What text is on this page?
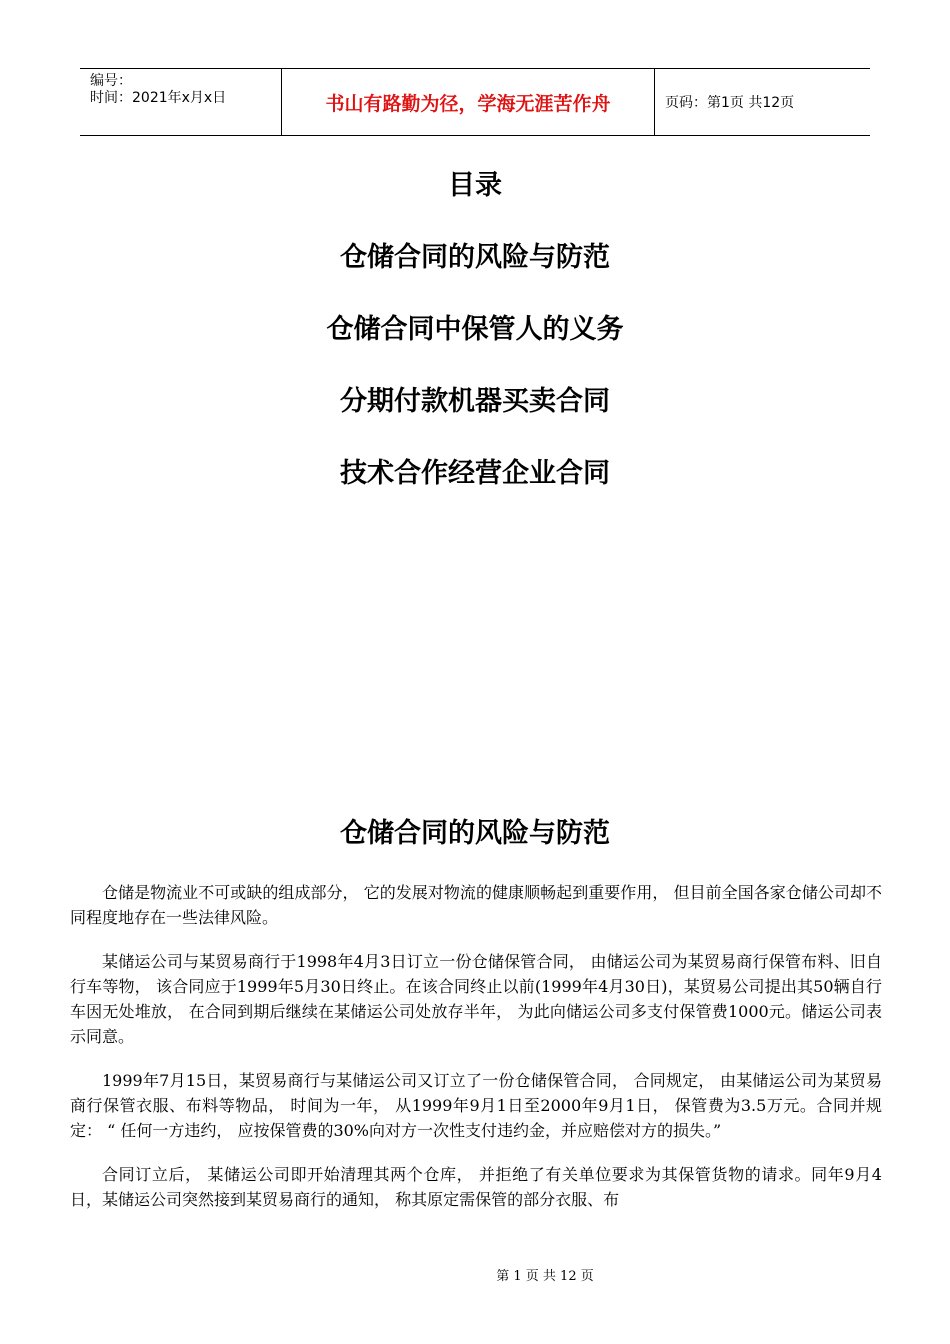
编号：
时间：2021年x月x日	书山有路勤为径，学海无涯苦作舟	页码：第1页 共12页
目录
仓储合同的风险与防范
仓储合同中保管人的义务
分期付款机器买卖合同
技术合作经营企业合同
仓储合同的风险与防范

仓储是物流业不可或缺的组成部分， 它的发展对物流的健康顺畅起到重要作用， 但目前全国各家仓储公司却不同程度地存在一些法律风险。

某储运公司与某贸易商行于1998年4月3日订立一份仓储保管合同， 由储运公司为某贸易商行保管布料、旧自行车等物， 该合同应于1999年5月30日终止。在该合同终止以前(1999年4月30日)，某贸易公司提出其50辆自行车因无处堆放， 在合同到期后继续在某储运公司处放存半年， 为此向储运公司多支付保管费1000元。储运公司表示同意。

1999年7月15日，某贸易商行与某储运公司又订立了一份仓储保管合同， 合同规定， 由某储运公司为某贸易商行保管衣服、布料等物品， 时间为一年， 从1999年9月1日至2000年9月1日， 保管费为3.5万元。合同并规定： “ 任何一方违约， 应按保管费的30%向对方一次性支付违约金，并应赔偿对方的损失。”

合同订立后， 某储运公司即开始清理其两个仓库， 并拒绝了有关单位要求为其保管货物的请求。同年9月4日，某储运公司突然接到某贸易商行的通知， 称其原定需保管的部分衣服、布

第 1 页 共 12 页
